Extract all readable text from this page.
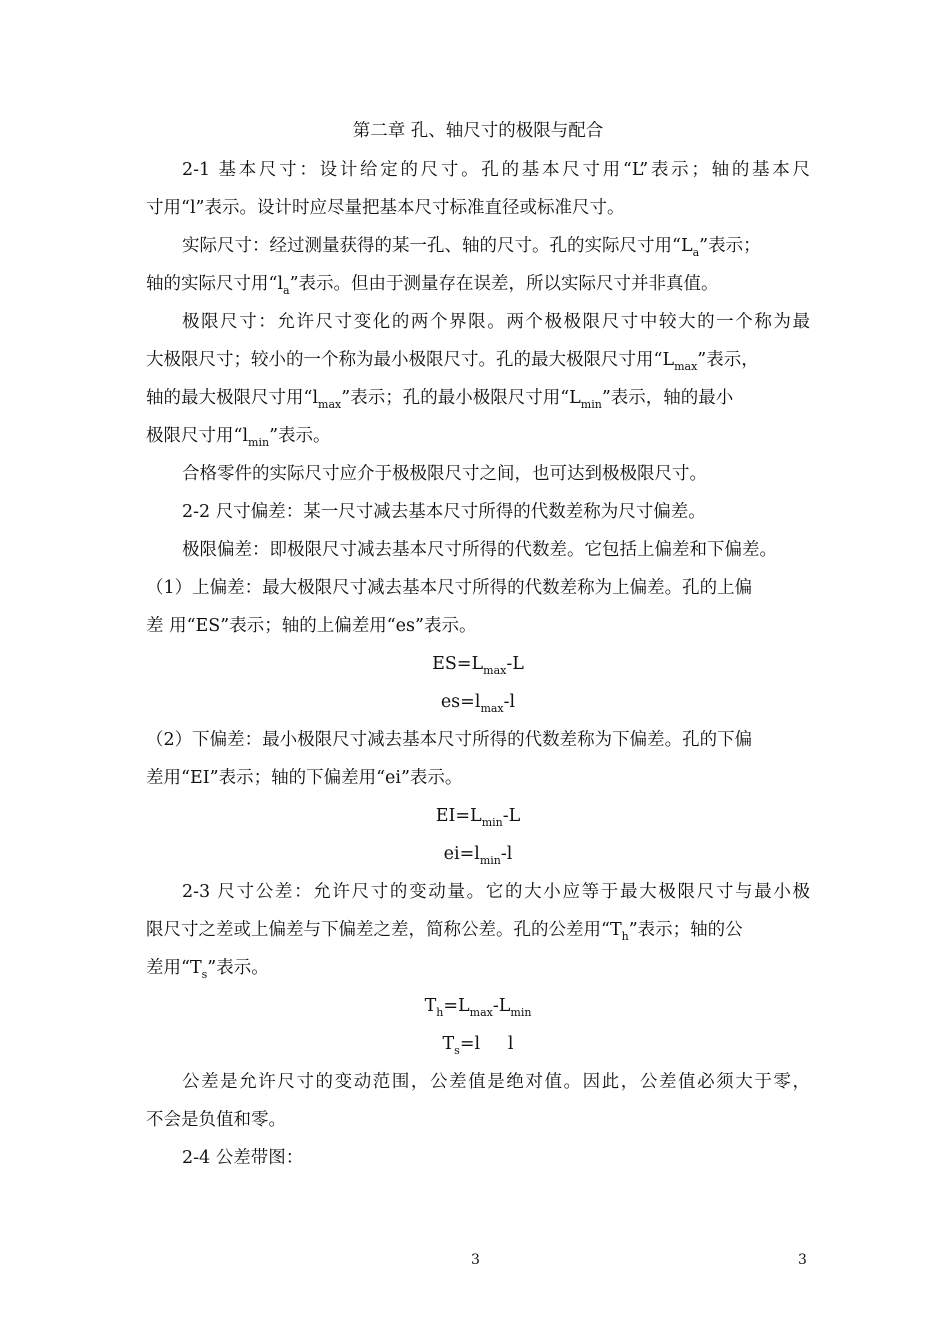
第二章 孔、轴尺寸的极限与配合
2-1 基本尺寸：设计给定的尺寸。孔的基本尺寸用“L”表示；轴的基本尺
寸用“l”表示。设计时应尽量把基本尺寸标准直径或标准尺寸。
实际尺寸：经过测量获得的某一孔、轴的尺寸。孔的实际尺寸用“$L_a$”表示；
轴的实际尺寸用“$l_a$”表示。但由于测量存在误差，所以实际尺寸并非真值。
极限尺寸：允许尺寸变化的两个界限。两个极极限尺寸中较大的一个称为最
大极限尺寸；较小的一个称为最小极限尺寸。孔的最大极限尺寸用“$L_{max}$”表示，
轴的最大极限尺寸用“$l_{max}$”表示；孔的最小极限尺寸用“$L_{min}$”表示，轴的最小
极限尺寸用“$l_{min}$”表示。
合格零件的实际尺寸应介于极极限尺寸之间，也可达到极极限尺寸。
2-2 尺寸偏差：某一尺寸减去基本尺寸所得的代数差称为尺寸偏差。
极限偏差：即极限尺寸减去基本尺寸所得的代数差。它包括上偏差和下偏差。
（1）上偏差：最大极限尺寸减去基本尺寸所得的代数差称为上偏差。孔的上偏
差 用“ES”表示；轴的上偏差用“es”表示。
$ES=L_{max}-L$
$es=l_{max}-l$
（2）下偏差：最小极限尺寸减去基本尺寸所得的代数差称为下偏差。孔的下偏
差用“EI”表示；轴的下偏差用“ei”表示。
$EI=L_{min}-L$
$ei=l_{min}-l$
2-3 尺寸公差：允许尺寸的变动量。它的大小应等于最大极限尺寸与最小极
限尺寸之差或上偏差与下偏差之差，简称公差。孔的公差用“$T_h$”表示；轴的公
差用“$T_s$”表示。
$T_h=L_{max}-L_{min}$
$T_s=l$     l
公差是允许尺寸的变动范围，公差值是绝对值。因此，公差值必须大于零，
不会是负值和零。
2-4 公差带图：
3	3
